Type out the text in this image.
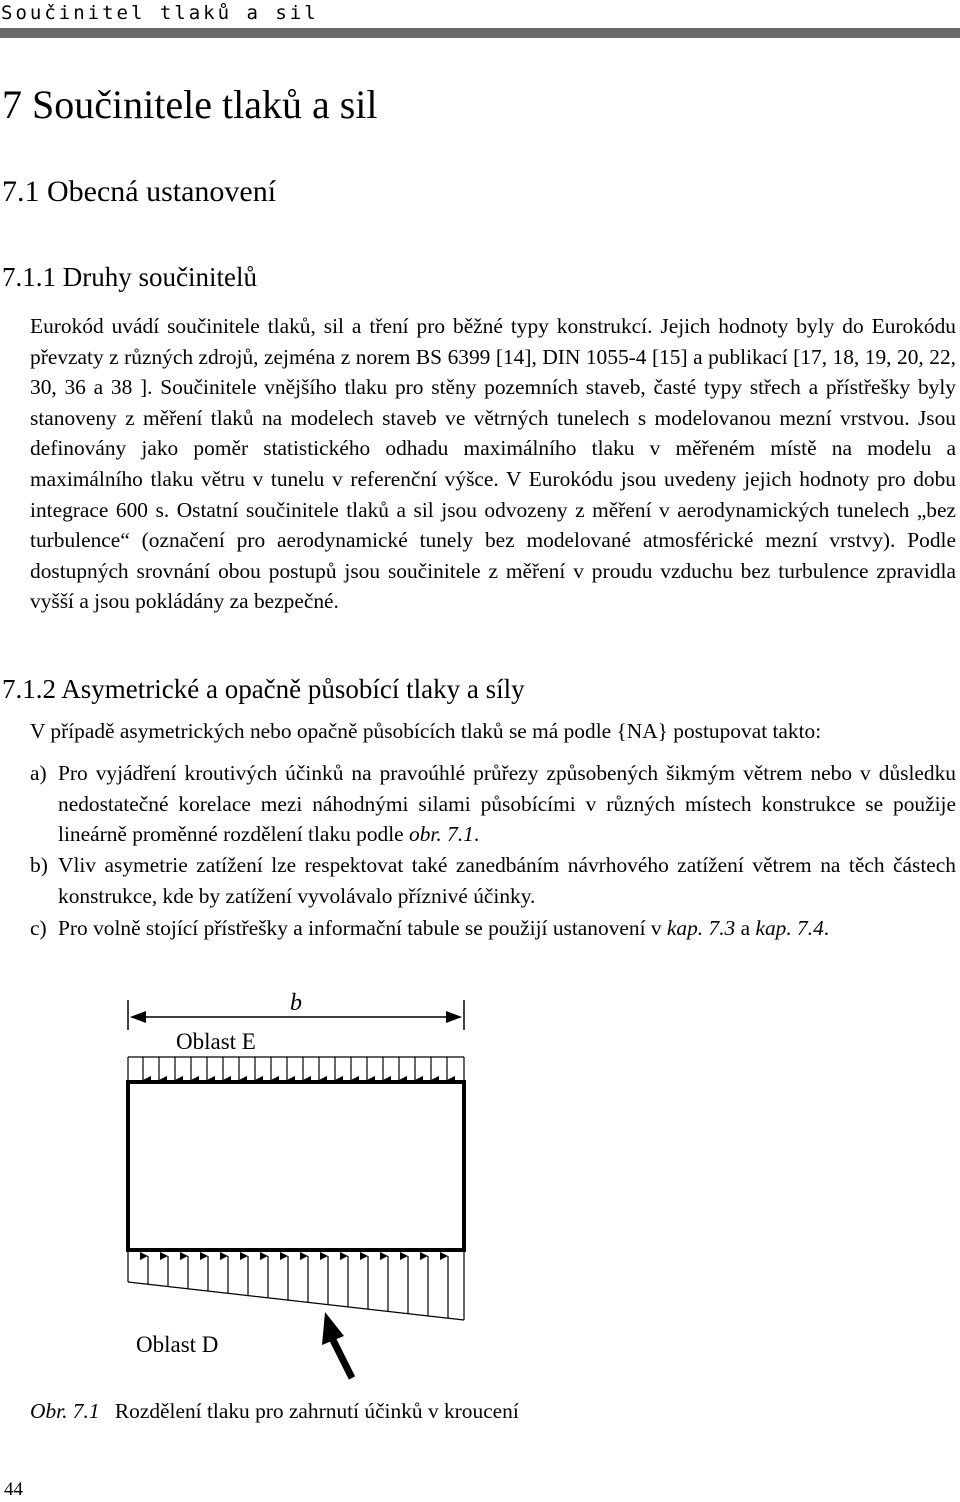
Součinitel tlaků a sil
7 Součinitele tlaků a sil
7.1 Obecná ustanovení
7.1.1 Druhy součinitelů

Eurokód uvádí součinitele tlaků, sil a tření pro běžné typy konstrukcí. Jejich hodnoty byly do Eurokódu převzaty z různých zdrojů, zejména z norem BS 6399 [14], DIN 1055-4 [15] a publikací [17, 18, 19, 20, 22, 30, 36 a 38 ]. Součinitele vnějšího tlaku pro stěny pozemních staveb, časté typy střech a přístřešky byly stanoveny z měření tlaků na modelech staveb ve větrných tunelech s modelovanou mezní vrstvou. Jsou definovány jako poměr statistického odhadu maximálního tlaku v měřeném místě na modelu a maximálního tlaku větru v tunelu v referenční výšce. V Eurokódu jsou uvedeny jejich hodnoty pro dobu integrace 600 s. Ostatní součinitele tlaků a sil jsou odvozeny z měření v aerodynamických tunelech „bez turbulence“ (označení pro aerodynamické tunely bez modelované atmosférické mezní vrstvy). Podle dostupných srovnání obou postupů jsou součinitele z měření v proudu vzduchu bez turbulence zpravidla vyšší a jsou pokládány za bezpečné.

7.1.2 Asymetrické a opačně působící tlaky a síly

V případě asymetrických nebo opačně působících tlaků se má podle {NA} postupovat takto:

a) Pro vyjádření kroutivých účinků na pravoúhlé průřezy způsobených šikmým větrem nebo v důsledku nedostatečné korelace mezi náhodnými silami působícími v různých místech konstrukce se použije lineárně proměnné rozdělení tlaku podle obr. 7.1.
b) Vliv asymetrie zatížení lze respektovat také zanedbáním návrhového zatížení větrem na těch částech konstrukce, kde by zatížení vyvolávalo příznivé účinky.
c) Pro volně stojící přístřešky a informační tabule se použijí ustanovení v kap. 7.3 a kap. 7.4.
b
Oblast E
Oblast D

Obr. 7.1 Rozdělení tlaku pro zahrnutí účinků v kroucení

44
